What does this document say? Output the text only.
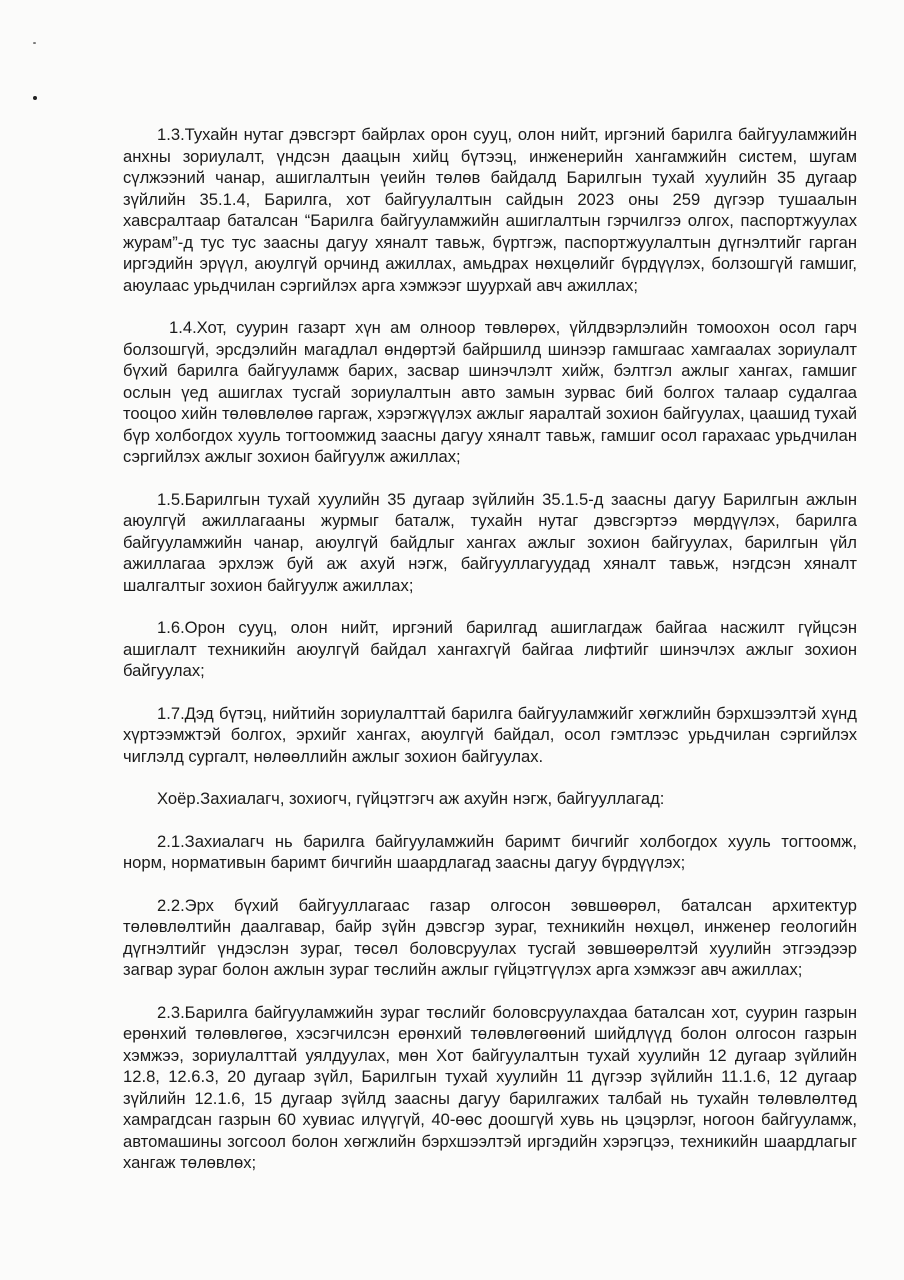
1.3.Тухайн нутаг дэвсгэрт байрлах орон сууц, олон нийт, иргэний барилга байгууламжийн анхны зориулалт, үндсэн даацын хийц бүтээц, инженерийн хангамжийн систем, шугам сүлжээний чанар, ашиглалтын үеийн төлөв байдалд Барилгын тухай хуулийн 35 дугаар зүйлийн 35.1.4, Барилга, хот байгуулалтын сайдын 2023 оны 259 дүгээр тушаалын хавсралтаар баталсан “Барилга байгууламжийн ашиглалтын гэрчилгээ олгох, паспортжуулах журам”-д тус тус заасны дагуу хяналт тавьж, бүртгэж, паспортжуулалтын дүгнэлтийг гарган иргэдийн эрүүл, аюулгүй орчинд ажиллах, амьдрах нөхцөлийг бүрдүүлэх, болзошгүй гамшиг, аюулаас урьдчилан сэргийлэх арга хэмжээг шуурхай авч ажиллах;

1.4.Хот, суурин газарт хүн ам олноор төвлөрөх, үйлдвэрлэлийн томоохон осол гарч болзошгүй, эрсдэлийн магадлал өндөртэй байршилд шинээр гамшгаас хамгаалах зориулалт бүхий барилга байгууламж барих, засвар шинэчлэлт хийж, бэлтгэл ажлыг хангах, гамшиг ослын үед ашиглах тусгай зориулалтын авто замын зурвас бий болгох талаар судалгаа тооцоо хийн төлөвлөлөө гаргаж, хэрэгжүүлэх ажлыг яаралтай зохион байгуулах, цаашид тухай бүр холбогдох хууль тогтоомжид заасны дагуу хяналт тавьж, гамшиг осол гарахаас урьдчилан сэргийлэх ажлыг зохион байгуулж ажиллах;

1.5.Барилгын тухай хуулийн 35 дугаар зүйлийн 35.1.5-д заасны дагуу Барилгын ажлын аюулгүй ажиллагааны журмыг баталж, тухайн нутаг дэвсгэртээ мөрдүүлэх, барилга байгууламжийн чанар, аюулгүй байдлыг хангах ажлыг зохион байгуулах, барилгын үйл ажиллагаа эрхлэж буй аж ахуй нэгж, байгууллагуудад хяналт тавьж, нэгдсэн хяналт шалгалтыг зохион байгуулж ажиллах;

1.6.Орон сууц, олон нийт, иргэний барилгад ашиглагдаж байгаа насжилт гүйцсэн ашиглалт техникийн аюулгүй байдал хангахгүй байгаа лифтийг шинэчлэх ажлыг зохион байгуулах;

1.7.Дэд бүтэц, нийтийн зориулалттай барилга байгууламжийг хөгжлийн бэрхшээлтэй хүнд хүртээмжтэй болгох, эрхийг хангах, аюулгүй байдал, осол гэмтлээс урьдчилан сэргийлэх чиглэлд сургалт, нөлөөллийн ажлыг зохион байгуулах.

Хоёр.Захиалагч, зохиогч, гүйцэтгэгч аж ахуйн нэгж, байгууллагад:

2.1.Захиалагч нь барилга байгууламжийн баримт бичгийг холбогдох хууль тогтоомж, норм, нормативын баримт бичгийн шаардлагад заасны дагуу бүрдүүлэх;

2.2.Эрх бүхий байгууллагаас газар олгосон зөвшөөрөл, баталсан архитектур төлөвлөлтийн даалгавар, байр зүйн дэвсгэр зураг, техникийн нөхцөл, инженер геологийн дүгнэлтийг үндэслэн зураг, төсөл боловсруулах тусгай зөвшөөрөлтэй хуулийн этгээдээр загвар зураг болон ажлын зураг төслийн ажлыг гүйцэтгүүлэх арга хэмжээг авч ажиллах;

2.3.Барилга байгууламжийн зураг төслийг боловсруулахдаа баталсан хот, суурин газрын ерөнхий төлөвлөгөө, хэсэгчилсэн ерөнхий төлөвлөгөөний шийдлүүд болон олгосон газрын хэмжээ, зориулалттай уялдуулах, мөн Хот байгуулалтын тухай хуулийн 12 дугаар зүйлийн 12.8, 12.6.3, 20 дугаар зүйл, Барилгын тухай хуулийн 11 дүгээр зүйлийн 11.1.6, 12 дугаар зүйлийн 12.1.6, 15 дугаар зүйлд заасны дагуу барилгажих талбай нь тухайн төлөвлөлтөд хамрагдсан газрын 60 хувиас илүүгүй, 40-өөс доошгүй хувь нь цэцэрлэг, ногоон байгууламж, автомашины зогсоол болон хөгжлийн бэрхшээлтэй иргэдийн хэрэгцээ, техникийн шаардлагыг хангаж төлөвлөх;
